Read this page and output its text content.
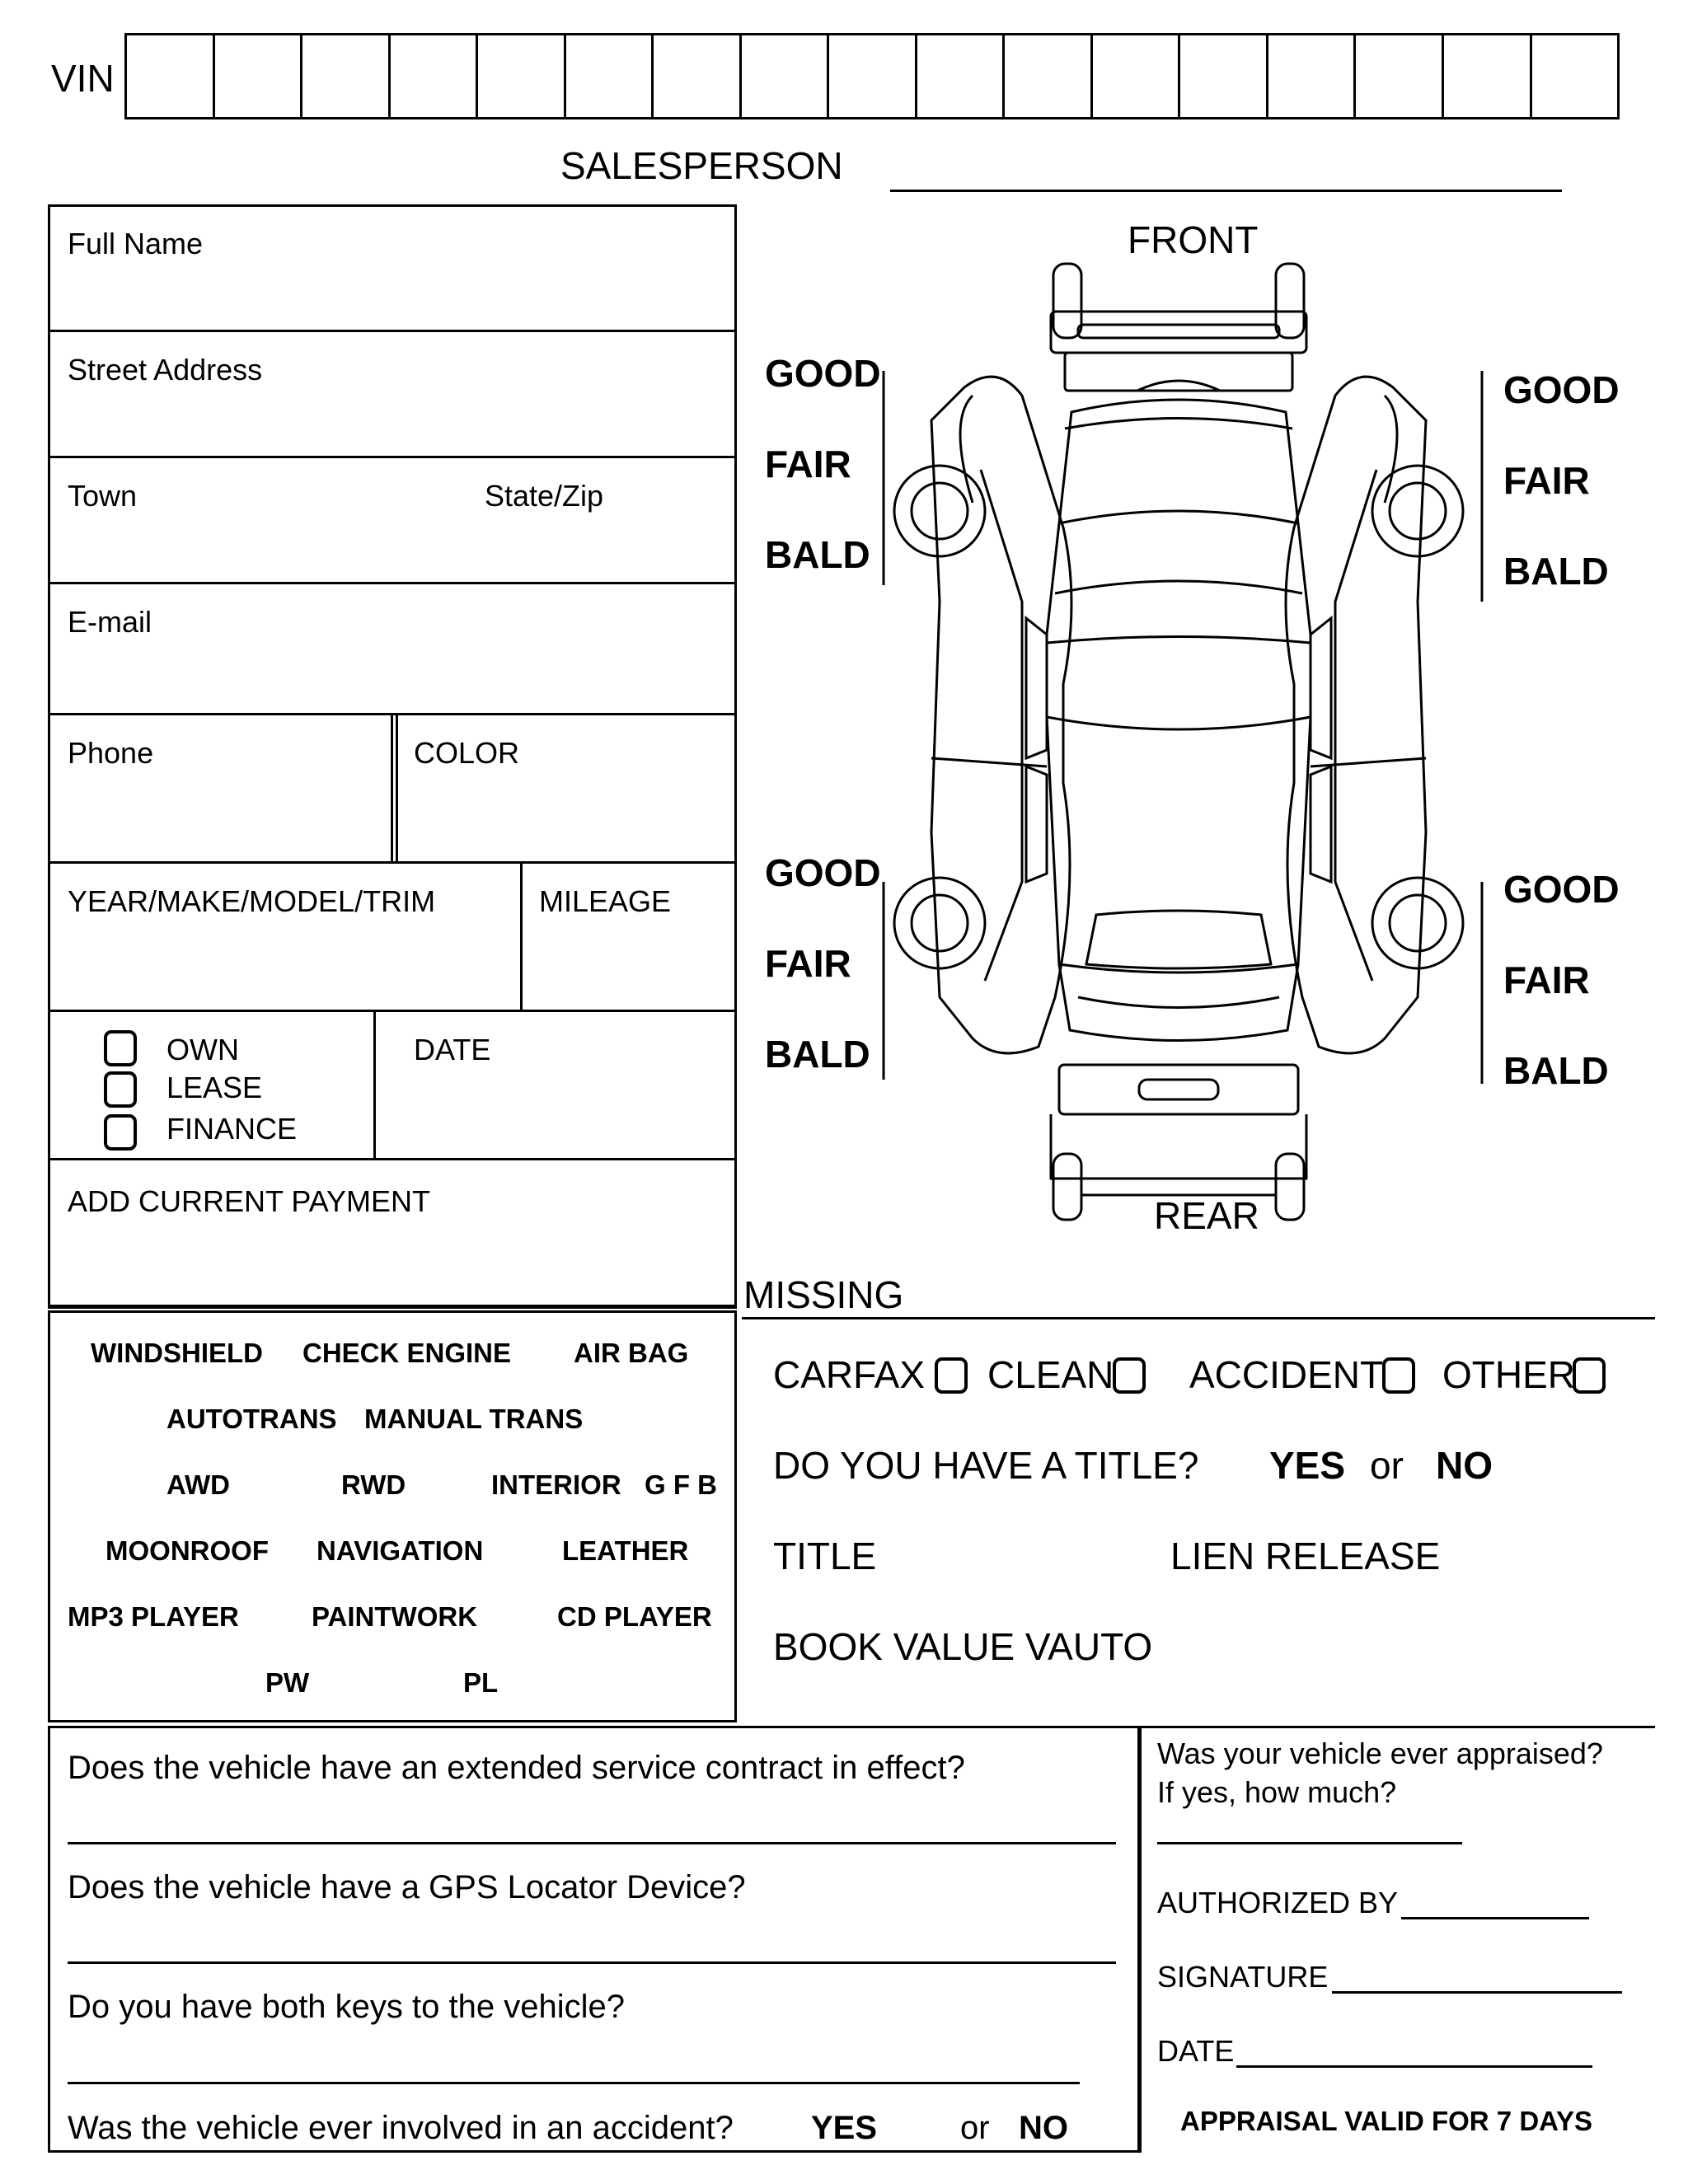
VIN
SALESPERSON
Full Name
Street Address
Town	State/Zip
E-mail
Phone	COLOR
YEAR/MAKE/MODEL/TRIM	MILEAGE
OWN
LEASE
FINANCE
DATE
ADD CURRENT PAYMENT
WINDSHIELD CHECK ENGINE AIR BAG
AUTOTRANS MANUAL TRANS
AWD	RWD	INTERIOR G F B
MOONROOF NAVIGATION	LEATHER
MP3 PLAYER	PAINTWORK	CD PLAYER
PW	PL
FRONT
REAR
GOOD
FAIR
BALD
GOOD
FAIR
BALD
GOOD
FAIR
BALD
GOOD
FAIR
BALD
MISSING
CARFAX CLEAN ACCIDENT OTHER
DO YOU HAVE A TITLE? YES or NO
TITLE	LIEN RELEASE
BOOK VALUE VAUTO
Does the vehicle have an extended service contract in effect?
Does the vehicle have a GPS Locator Device?
Do you have both keys to the vehicle?
Was the vehicle ever involved in an accident? YES	or NO
Was your vehicle ever appraised?
If yes, how much?
AUTHORIZED BY
SIGNATURE
DATE
APPRAISAL VALID FOR 7 DAYS
